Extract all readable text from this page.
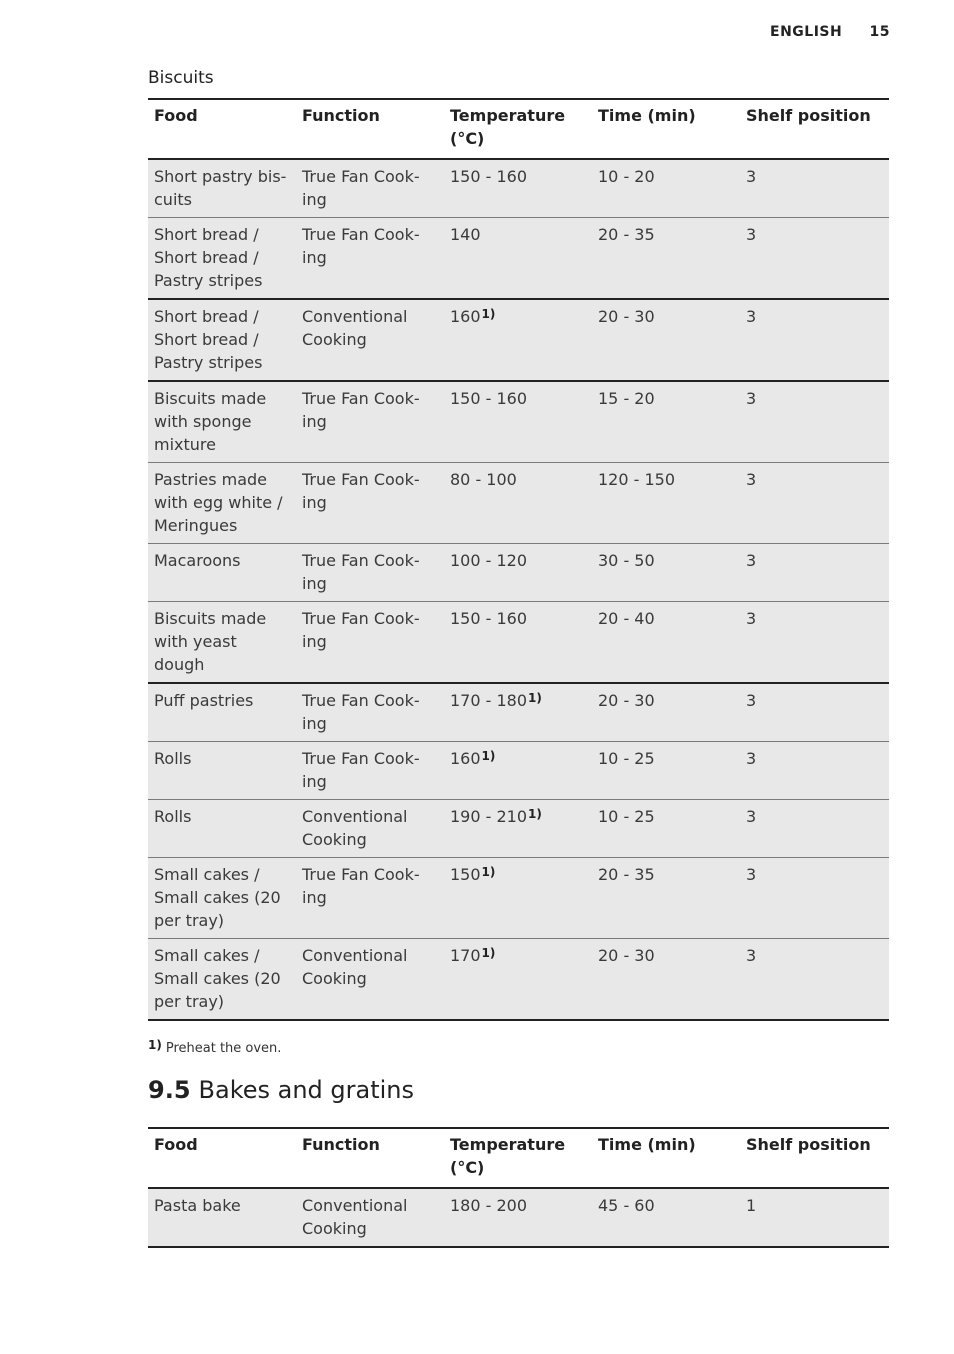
ENGLISH 15
Biscuits
Food	Function	Temperature (°C)	Time (min)	Shelf position
Short pastry bis-cuits	True Fan Cook-ing	150 - 160	10 - 20	3
Short bread / Short bread / Pastry stripes	True Fan Cook-ing	140	20 - 35	3
Short bread / Short bread / Pastry stripes	Conventional Cooking	160$^{1)}$	20 - 30	3
Biscuits made with sponge mixture	True Fan Cook-ing	150 - 160	15 - 20	3
Pastries made with egg white / Meringues	True Fan Cook-ing	80 - 100	120 - 150	3
Macaroons	True Fan Cook-ing	100 - 120	30 - 50	3
Biscuits made with yeast dough	True Fan Cook-ing	150 - 160	20 - 40	3
Puff pastries	True Fan Cook-ing	170 - 180$^{1)}$	20 - 30	3
Rolls	True Fan Cook-ing	160$^{1)}$	10 - 25	3
Rolls	Conventional Cooking	190 - 210$^{1)}$	10 - 25	3
Small cakes / Small cakes (20 per tray)	True Fan Cook-ing	150$^{1)}$	20 - 35	3
Small cakes / Small cakes (20 per tray)	Conventional Cooking	170$^{1)}$	20 - 30	3
$^{1)}$ Preheat the oven.
9.5 Bakes and gratins
Food	Function	Temperature (°C)	Time (min)	Shelf position
Pasta bake	Conventional Cooking	180 - 200	45 - 60	1
